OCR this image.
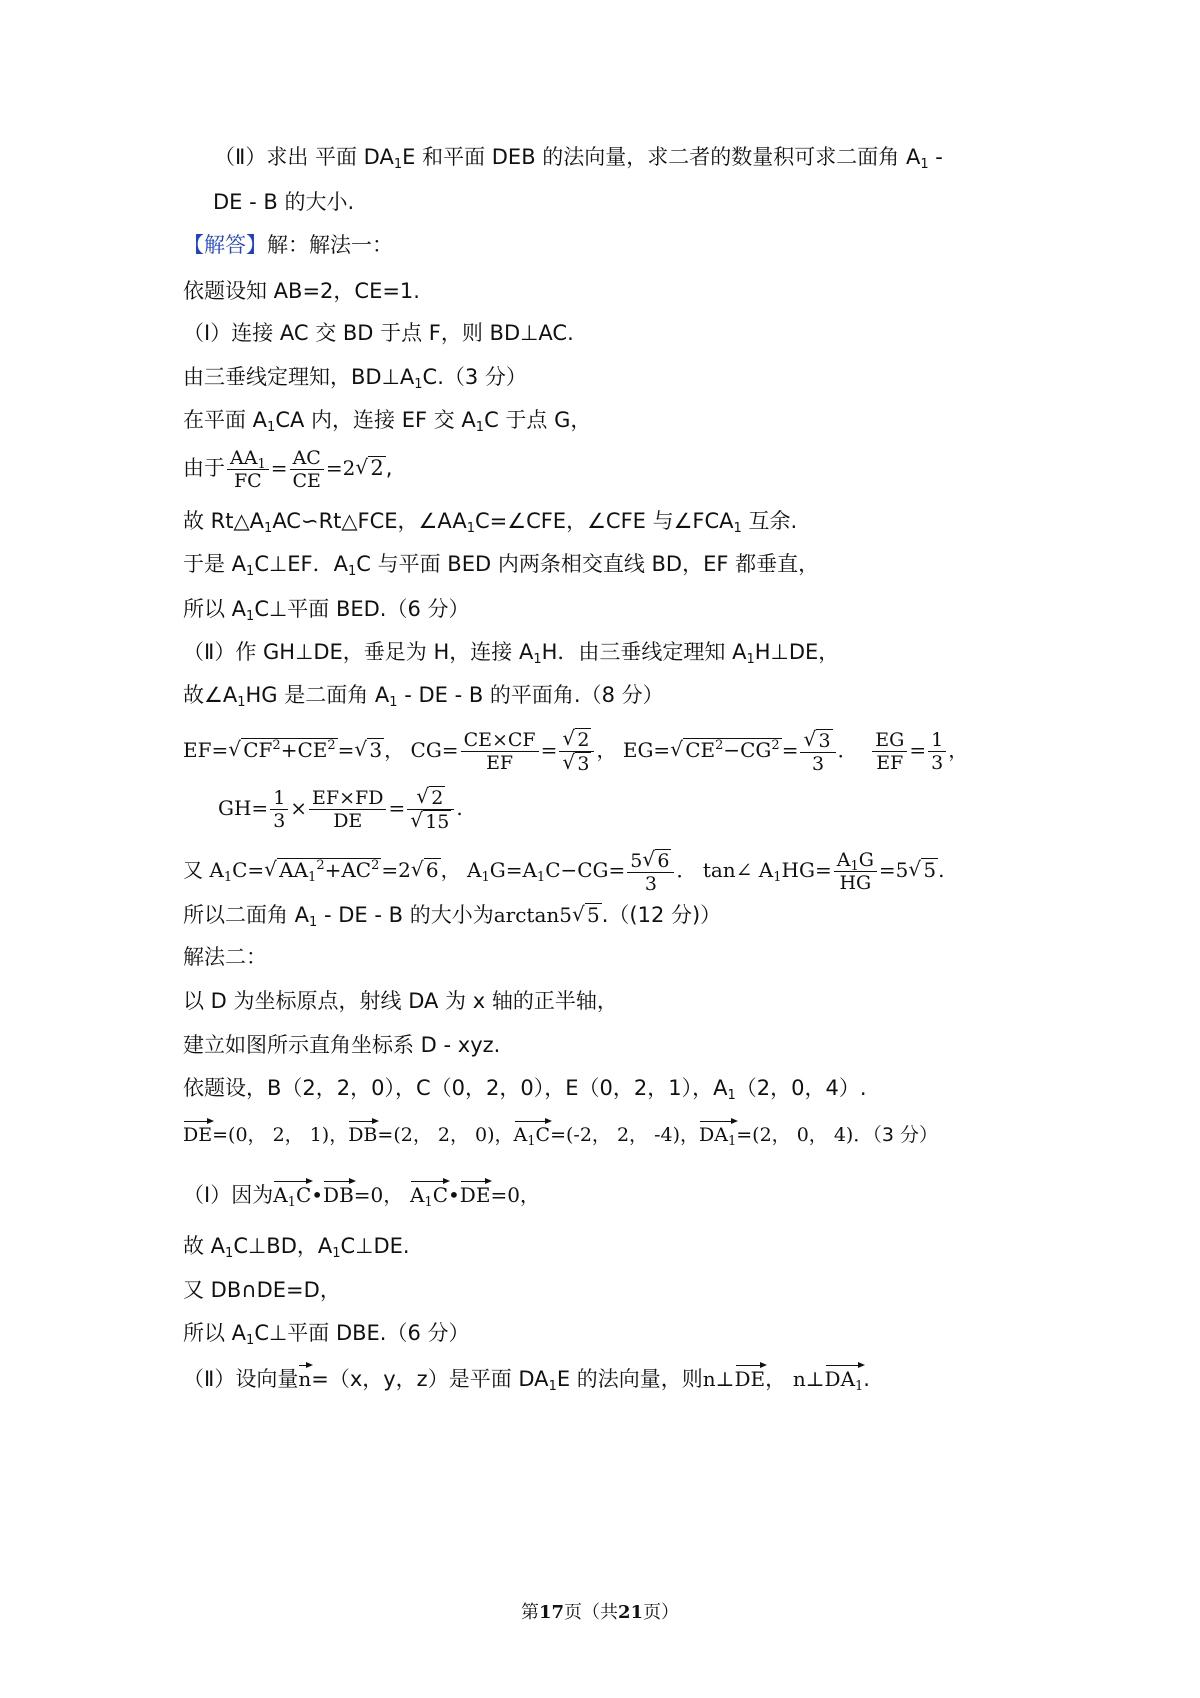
（Ⅱ）求出 平面 $DA_1E$ 和平面 DEB 的法向量，求二者的数量积可求二面角 $A_1$ -
DE - B 的大小.
【解答】解：解法一：
依题设知 AB=2，CE=1.
（Ⅰ）连接 AC 交 BD 于点 F，则 BD⊥AC.
由三垂线定理知，$BD\perp A_1C.(3$ 分）
在平面 $A_1CA$ 内，连接 EF 交 $A_1C$ 于点 G，
由于 $\frac{AA_1}{FC} = \frac{AC}{CE} =2√$ 2,
故 $Rt\triangle A_1AC∽Rt\triangle FCE$，$\angle AA_1C=\angle CFE$，∠CFE 与$\angle FCA_1$ 互余.
于是 $A_1C\perp EF$．$A_1C$ 与平面 BED 内两条相交直线 BD，EF 都垂直，
所以 $A_1C\perp$平面 BED.（6 分）
（Ⅱ）作 GH⊥DE，垂足为 H，连接 $A_1H$．由三垂线定理知 $A_1H\perp DE$，
故$\angle A_1HG$ 是二面角 $A_1$ - DE - B 的平面角.（8 分）
EF=√ $CF^2+CE^2$ =√ 3 ， $CG= \frac{CE\times CF}{EF}$ =
√ 2
√ 3 ， EG=√ $CE^2-CG^2$ =
√ $\frac{3}{3}$ ． $\frac{EG}{EF} = \frac{1}{3}$ ，
$GH= \frac{1}{3} \times \frac{EF\times FD}{DE}$ =
√ 2
√ 15 .
又 $A_1C=√$ $AA_1^2+AC^2 =2√$ 6 ， $A_1G=A_1C-CG= \frac{5√ 6}{3}$ ． tan∠ $A_1HG= \frac{A_1G}{HG} =5√$ 5 .
所以二面角 $A_1$ - DE - B 的大小为arctan5√ 5.（(12 分)）
解法二：
以 D 为坐标原点，射线 DA 为 x 轴的正半轴，
建立如图所示直角坐标系 D - xyz.
依题设，B（2，2，0），C（0，2，0），E（0，2，1），$A_1(2$，0，4）.
DE=(0， 2， 1)，DB=(2， 2， 0)，$A_1C=(-2$， 2， -4)，$DA_1=(2$， 0， 4)．（3 分）
（Ⅰ）因为$A_1C•DB=0$， $A_1C•DE=0$，
故 $A_1C\perp BD$，$A_1C\perp DE$.
又 DB∩DE=D，
所以 $A_1C\perp$平面 DBE.（6 分）
（Ⅱ）设向量n=（x，y，z）是平面 $DA_1E$ 的法向量，则n⊥DE， $n\perp DA_1$.
第17页（共21页）
